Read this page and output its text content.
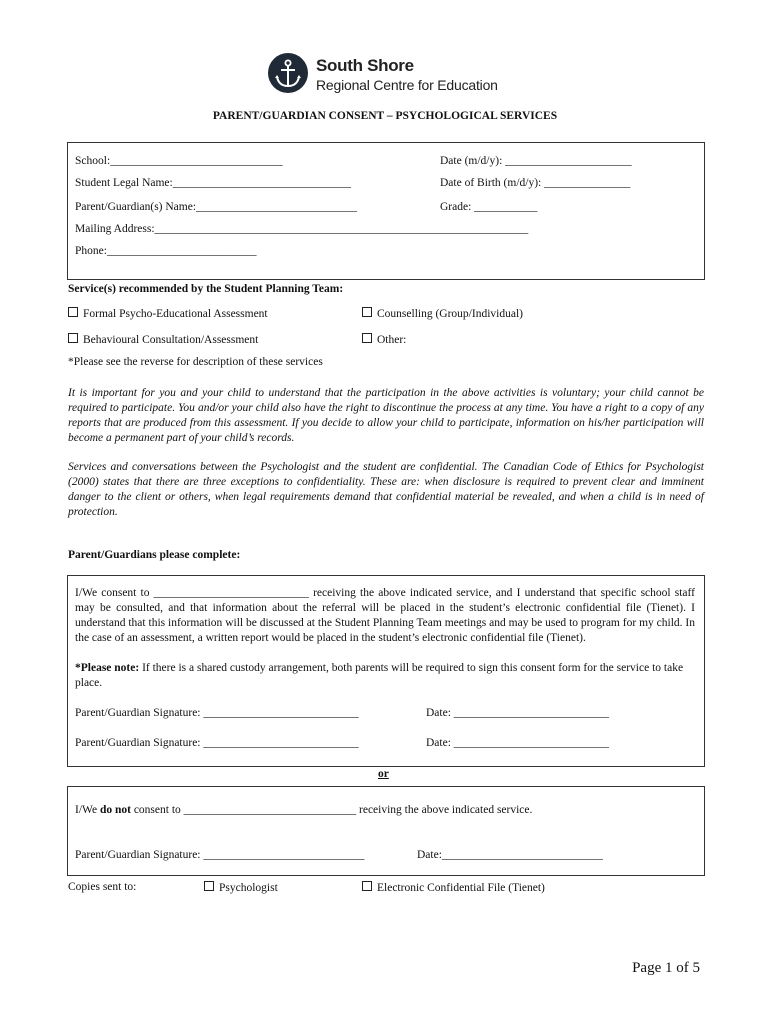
South Shore
Regional Centre for Education
PARENT/GUARDIAN CONSENT – PSYCHOLOGICAL SERVICES
School:______________________________	Date (m/d/y): ______________________
Student Legal Name:_______________________________	Date of Birth (m/d/y): _______________
Parent/Guardian(s) Name:____________________________	Grade: ___________
Mailing Address:_________________________________________________________________
Phone:__________________________
Service(s) recommended by the Student Planning Team:
Formal Psycho-Educational Assessment	Counselling (Group/Individual)
Behavioural Consultation/Assessment	Other:
*Please see the reverse for description of these services
It is important for you and your child to understand that the participation in the above activities is voluntary; your child cannot be required to participate. You and/or your child also have the right to discontinue the process at any time. You have a right to a copy of any reports that are produced from this assessment. If you decide to allow your child to participate, information on his/her participation will become a permanent part of your child’s records.
Services and conversations between the Psychologist and the student are confidential. The Canadian Code of Ethics for Psychologist (2000) states that there are three exceptions to confidentiality. These are: when disclosure is required to prevent clear and imminent danger to the client or others, when legal requirements demand that confidential material be revealed, and when a child is in need of protection.
Parent/Guardians please complete:
I/We consent to ___________________________ receiving the above indicated service, and I understand that specific school staff may be consulted, and that information about the referral will be placed in the student’s electronic confidential file (Tienet). I understand that this information will be discussed at the Student Planning Team meetings and may be used to program for my child. In the case of an assessment, a written report would be placed in the student’s electronic confidential file (Tienet).
*Please note: If there is a shared custody arrangement, both parents will be required to sign this consent form for the service to take place.
Parent/Guardian Signature: ___________________________	Date: ___________________________
Parent/Guardian Signature: ___________________________	Date: ___________________________
or
I/We do not consent to ______________________________ receiving the above indicated service.
Parent/Guardian Signature: ____________________________	Date:____________________________
Copies sent to:	Psychologist	Electronic Confidential File (Tienet)
Page 1 of 5
